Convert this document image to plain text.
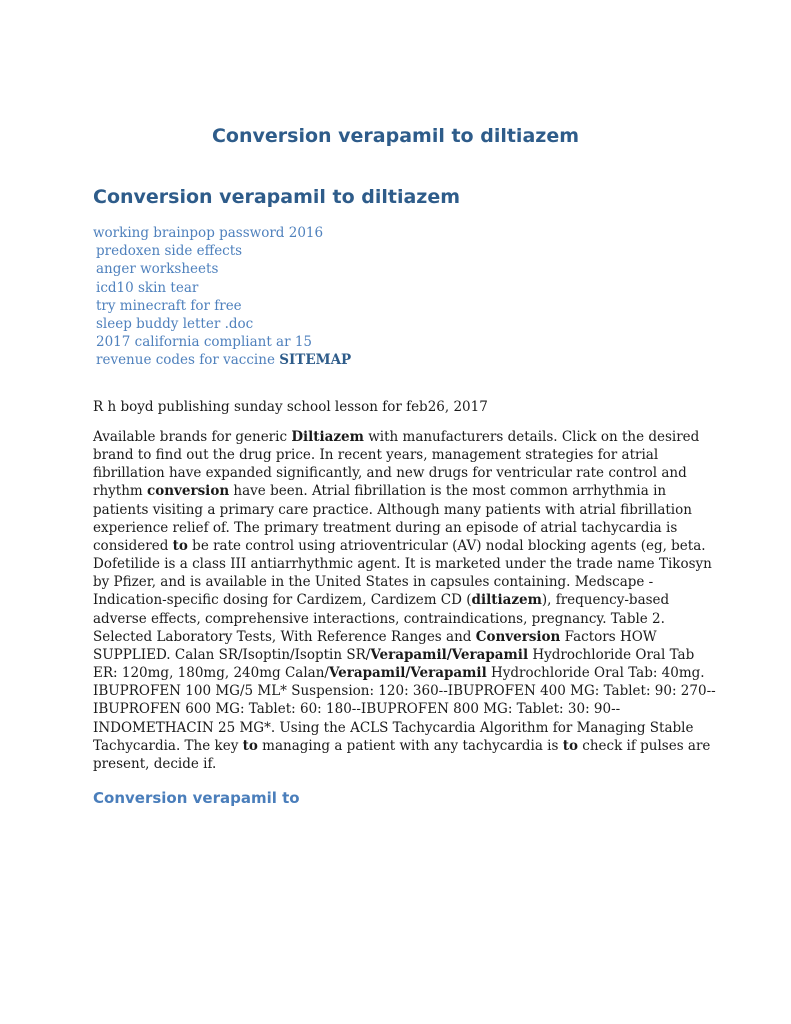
Conversion verapamil to diltiazem
Conversion verapamil to diltiazem
working brainpop password 2016
predoxen side effects
anger worksheets
icd10 skin tear
try minecraft for free
sleep buddy letter .doc
2017 california compliant ar 15
revenue codes for vaccine SITEMAP

R h boyd publishing sunday school lesson for feb26, 2017

Available brands for generic Diltiazem with manufacturers details. Click on the desired
brand to find out the drug price. In recent years, management strategies for atrial
fibrillation have expanded significantly, and new drugs for ventricular rate control and
rhythm conversion have been. Atrial fibrillation is the most common arrhythmia in
patients visiting a primary care practice. Although many patients with atrial fibrillation
experience relief of. The primary treatment during an episode of atrial tachycardia is
considered to be rate control using atrioventricular (AV) nodal blocking agents (eg, beta.
Dofetilide is a class III antiarrhythmic agent. It is marketed under the trade name Tikosyn
by Pfizer, and is available in the United States in capsules containing. Medscape -
Indication-specific dosing for Cardizem, Cardizem CD (diltiazem), frequency-based
adverse effects, comprehensive interactions, contraindications, pregnancy. Table 2.
Selected Laboratory Tests, With Reference Ranges and Conversion Factors HOW
SUPPLIED. Calan SR/Isoptin/Isoptin SR/Verapamil/Verapamil Hydrochloride Oral Tab
ER: 120mg, 180mg, 240mg Calan/Verapamil/Verapamil Hydrochloride Oral Tab: 40mg.
IBUPROFEN 100 MG/5 ML* Suspension: 120: 360--IBUPROFEN 400 MG: Tablet: 90: 270--
IBUPROFEN 600 MG: Tablet: 60: 180--IBUPROFEN 800 MG: Tablet: 30: 90--
INDOMETHACIN 25 MG*. Using the ACLS Tachycardia Algorithm for Managing Stable
Tachycardia. The key to managing a patient with any tachycardia is to check if pulses are
present, decide if.

Conversion verapamil to
